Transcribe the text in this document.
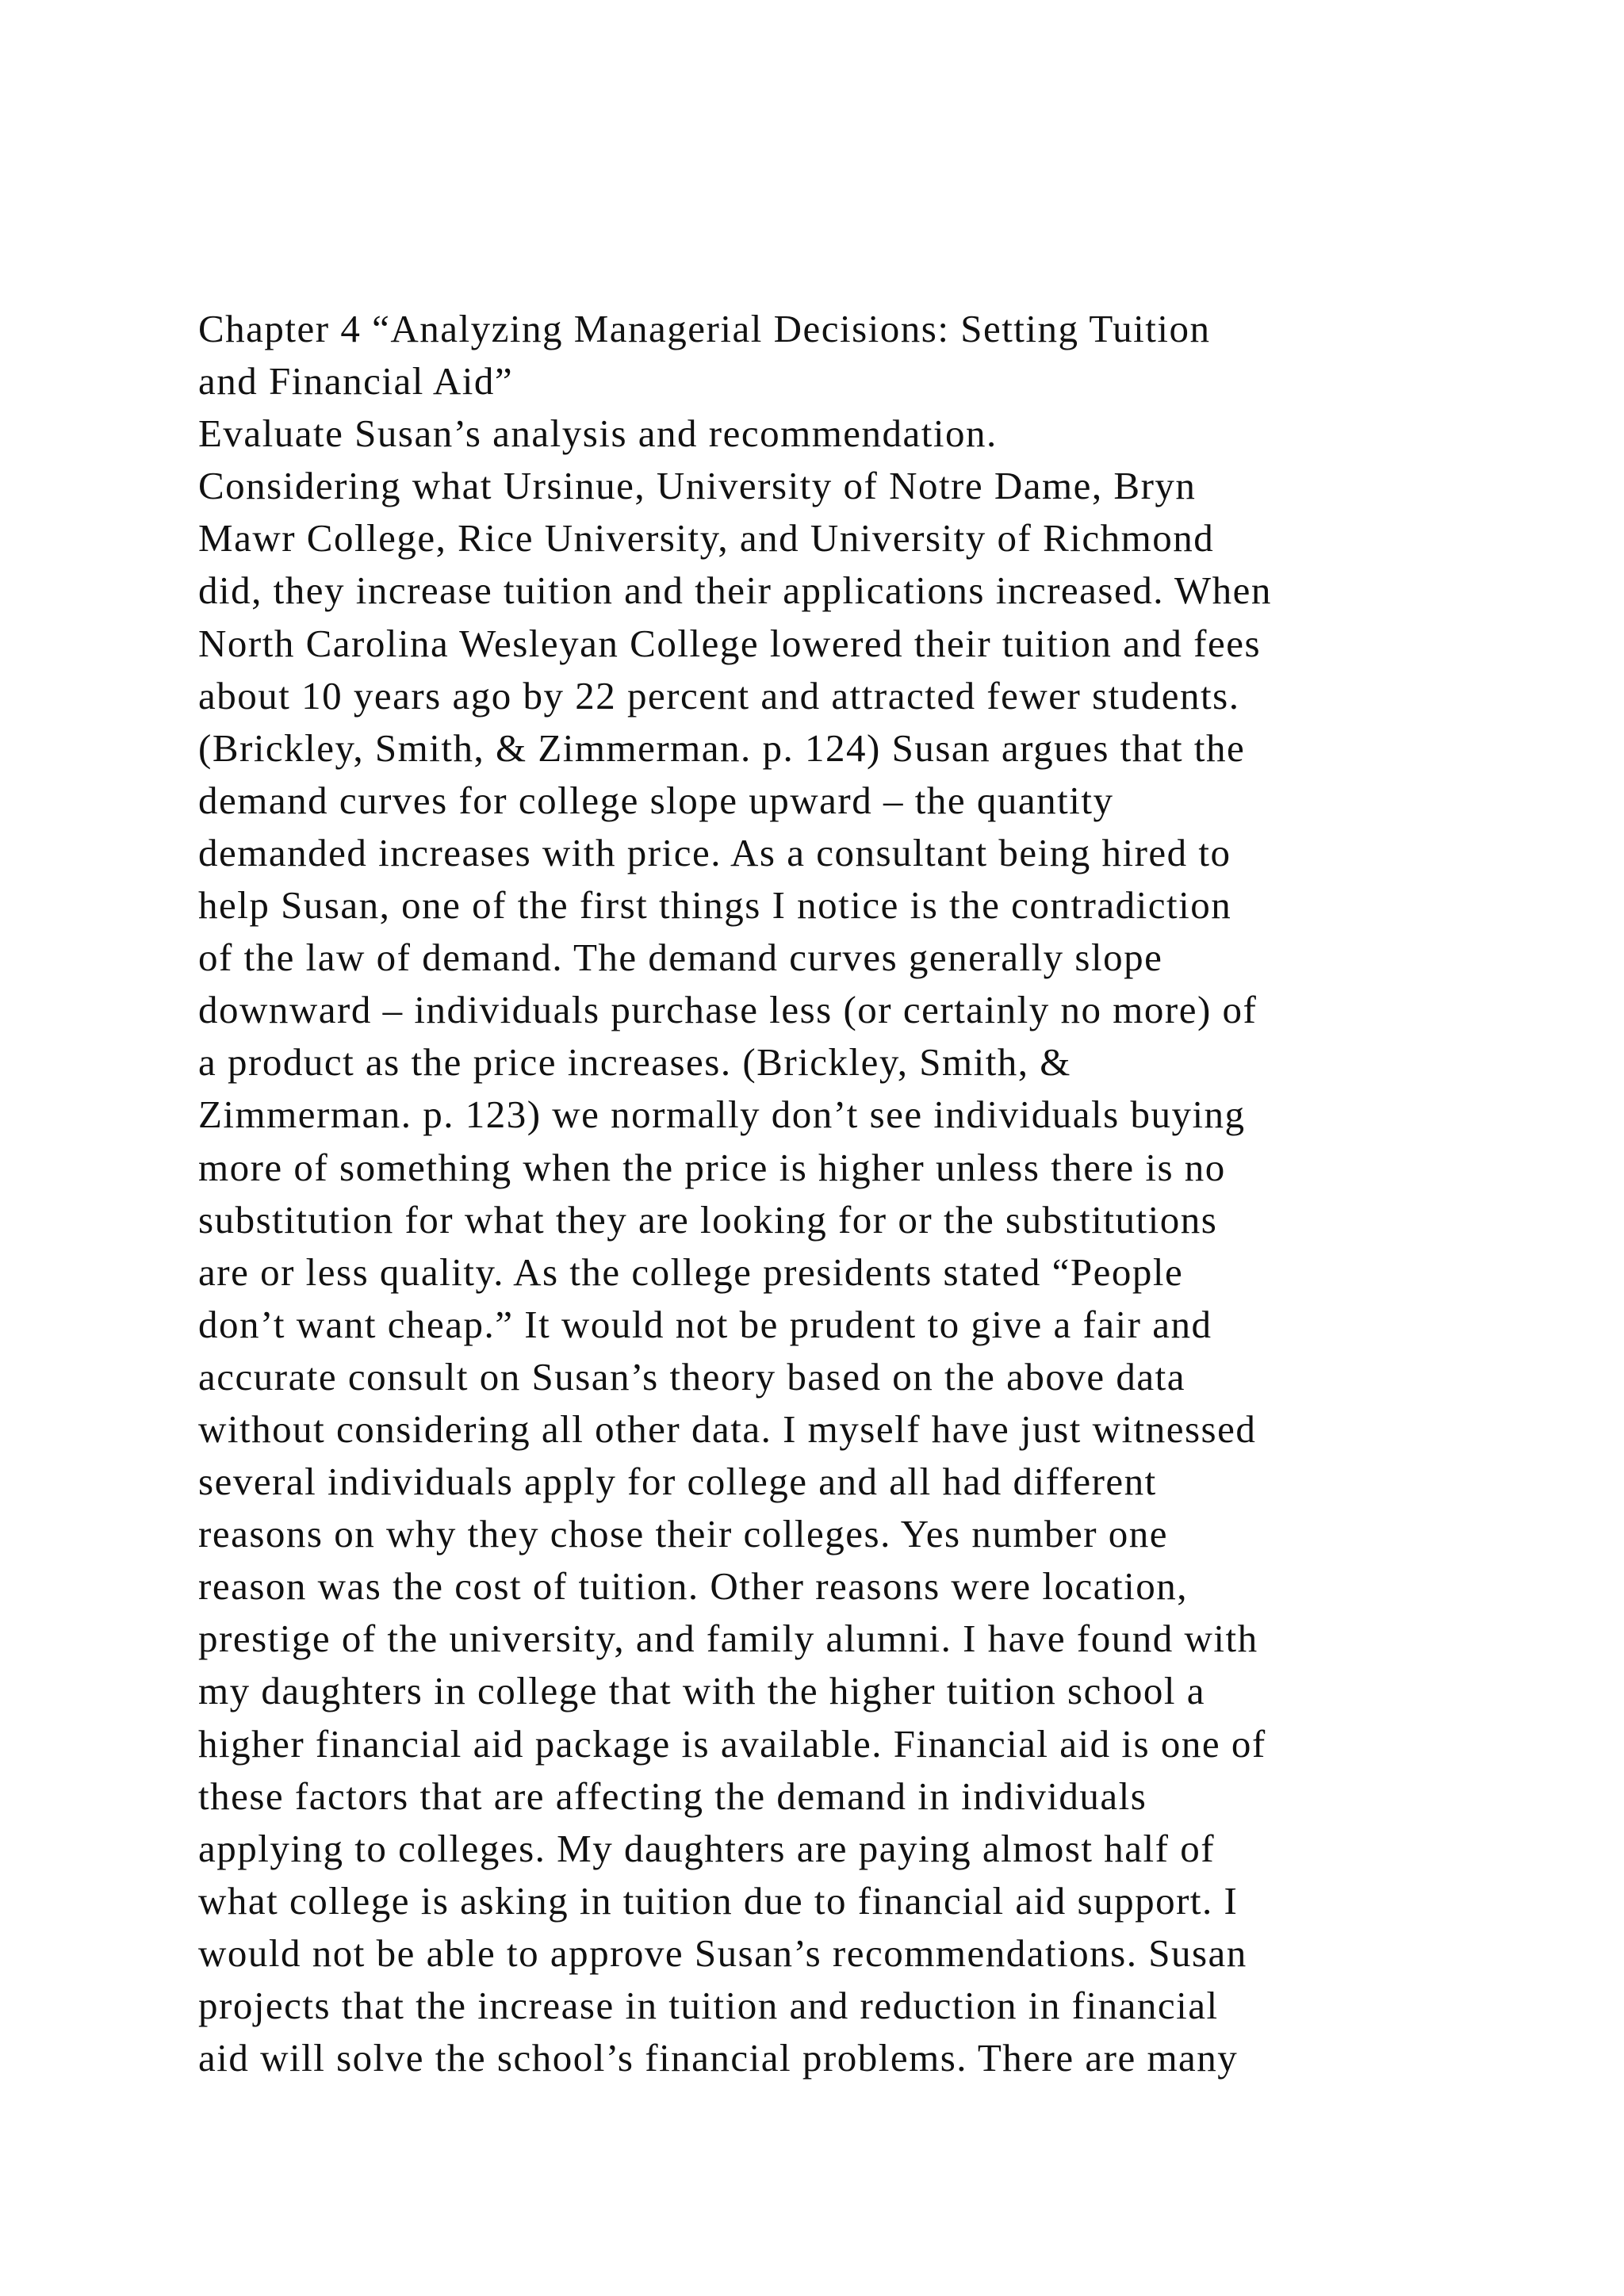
Chapter 4 “Analyzing Managerial Decisions: Setting Tuition
and Financial Aid”
Evaluate Susan’s analysis and recommendation.
Considering what Ursinue, University of Notre Dame, Bryn
Mawr College, Rice University, and University of Richmond
did, they increase tuition and their applications increased. When
North Carolina Wesleyan College lowered their tuition and fees
about 10 years ago by 22 percent and attracted fewer students.
(Brickley, Smith, & Zimmerman. p. 124) Susan argues that the
demand curves for college slope upward – the quantity
demanded increases with price. As a consultant being hired to
help Susan, one of the first things I notice is the contradiction
of the law of demand. The demand curves generally slope
downward – individuals purchase less (or certainly no more) of
a product as the price increases. (Brickley, Smith, &
Zimmerman. p. 123) we normally don’t see individuals buying
more of something when the price is higher unless there is no
substitution for what they are looking for or the substitutions
are or less quality. As the college presidents stated “People
don’t want cheap.” It would not be prudent to give a fair and
accurate consult on Susan’s theory based on the above data
without considering all other data. I myself have just witnessed
several individuals apply for college and all had different
reasons on why they chose their colleges. Yes number one
reason was the cost of tuition. Other reasons were location,
prestige of the university, and family alumni. I have found with
my daughters in college that with the higher tuition school a
higher financial aid package is available. Financial aid is one of
these factors that are affecting the demand in individuals
applying to colleges. My daughters are paying almost half of
what college is asking in tuition due to financial aid support. I
would not be able to approve Susan’s recommendations. Susan
projects that the increase in tuition and reduction in financial
aid will solve the school’s financial problems. There are many
